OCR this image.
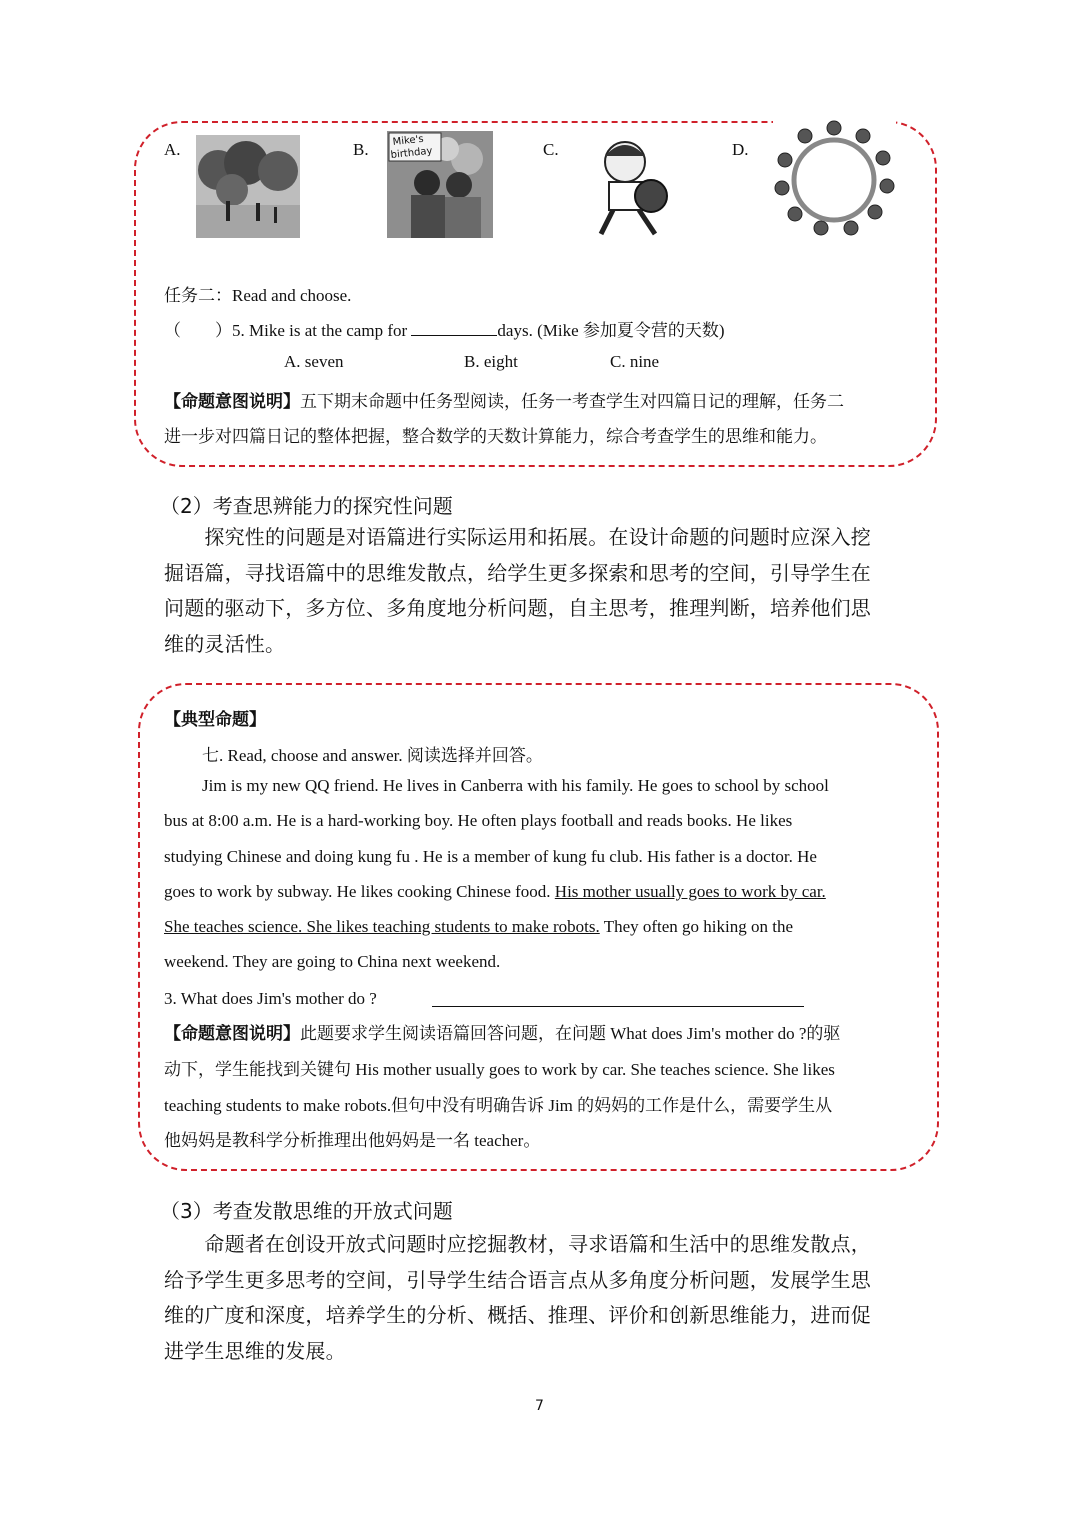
A.	B. Mike's
birthday	C.	D.
任务二：Read and choose.
（　　）5. Mike is at the camp for	days. (Mike 参加夏令营的天数)
A. seven	B. eight	C. nine
【命题意图说明】五下期末命题中任务型阅读，任务一考查学生对四篇日记的理解，任务二
进一步对四篇日记的整体把握，整合数学的天数计算能力，综合考查学生的思维和能力。
（2）考查思辨能力的探究性问题
　　探究性的问题是对语篇进行实际运用和拓展。在设计命题的问题时应深入挖
掘语篇，寻找语篇中的思维发散点，给学生更多探索和思考的空间，引导学生在
问题的驱动下，多方位、多角度地分析问题，自主思考，推理判断，培养他们思
维的灵活性。
【典型命题】
七. Read, choose and answer. 阅读选择并回答。
Jim is my new QQ friend. He lives in Canberra with his family. He goes to school by school
bus at 8:00 a.m. He is a hard-working boy. He often plays football and reads books. He likes
studying Chinese and doing kung fu . He is a member of kung fu club. His father is a doctor. He
goes to work by subway. He likes cooking Chinese food. His mother usually goes to work by car.
She teaches science. She likes teaching students to make robots. They often go hiking on the
weekend. They are going to China next weekend.
3. What does Jim's mother do ?
【命题意图说明】此题要求学生阅读语篇回答问题，在问题 What does Jim's mother do ?的驱
动下，学生能找到关键句 His mother usually goes to work by car. She teaches science. She likes
teaching students to make robots.但句中没有明确告诉 Jim 的妈妈的工作是什么，需要学生从
他妈妈是教科学分析推理出他妈妈是一名 teacher。
（3）考查发散思维的开放式问题
　　命题者在创设开放式问题时应挖掘教材，寻求语篇和生活中的思维发散点，
给予学生更多思考的空间，引导学生结合语言点从多角度分析问题，发展学生思
维的广度和深度，培养学生的分析、概括、推理、评价和创新思维能力，进而促
进学生思维的发展。
7
